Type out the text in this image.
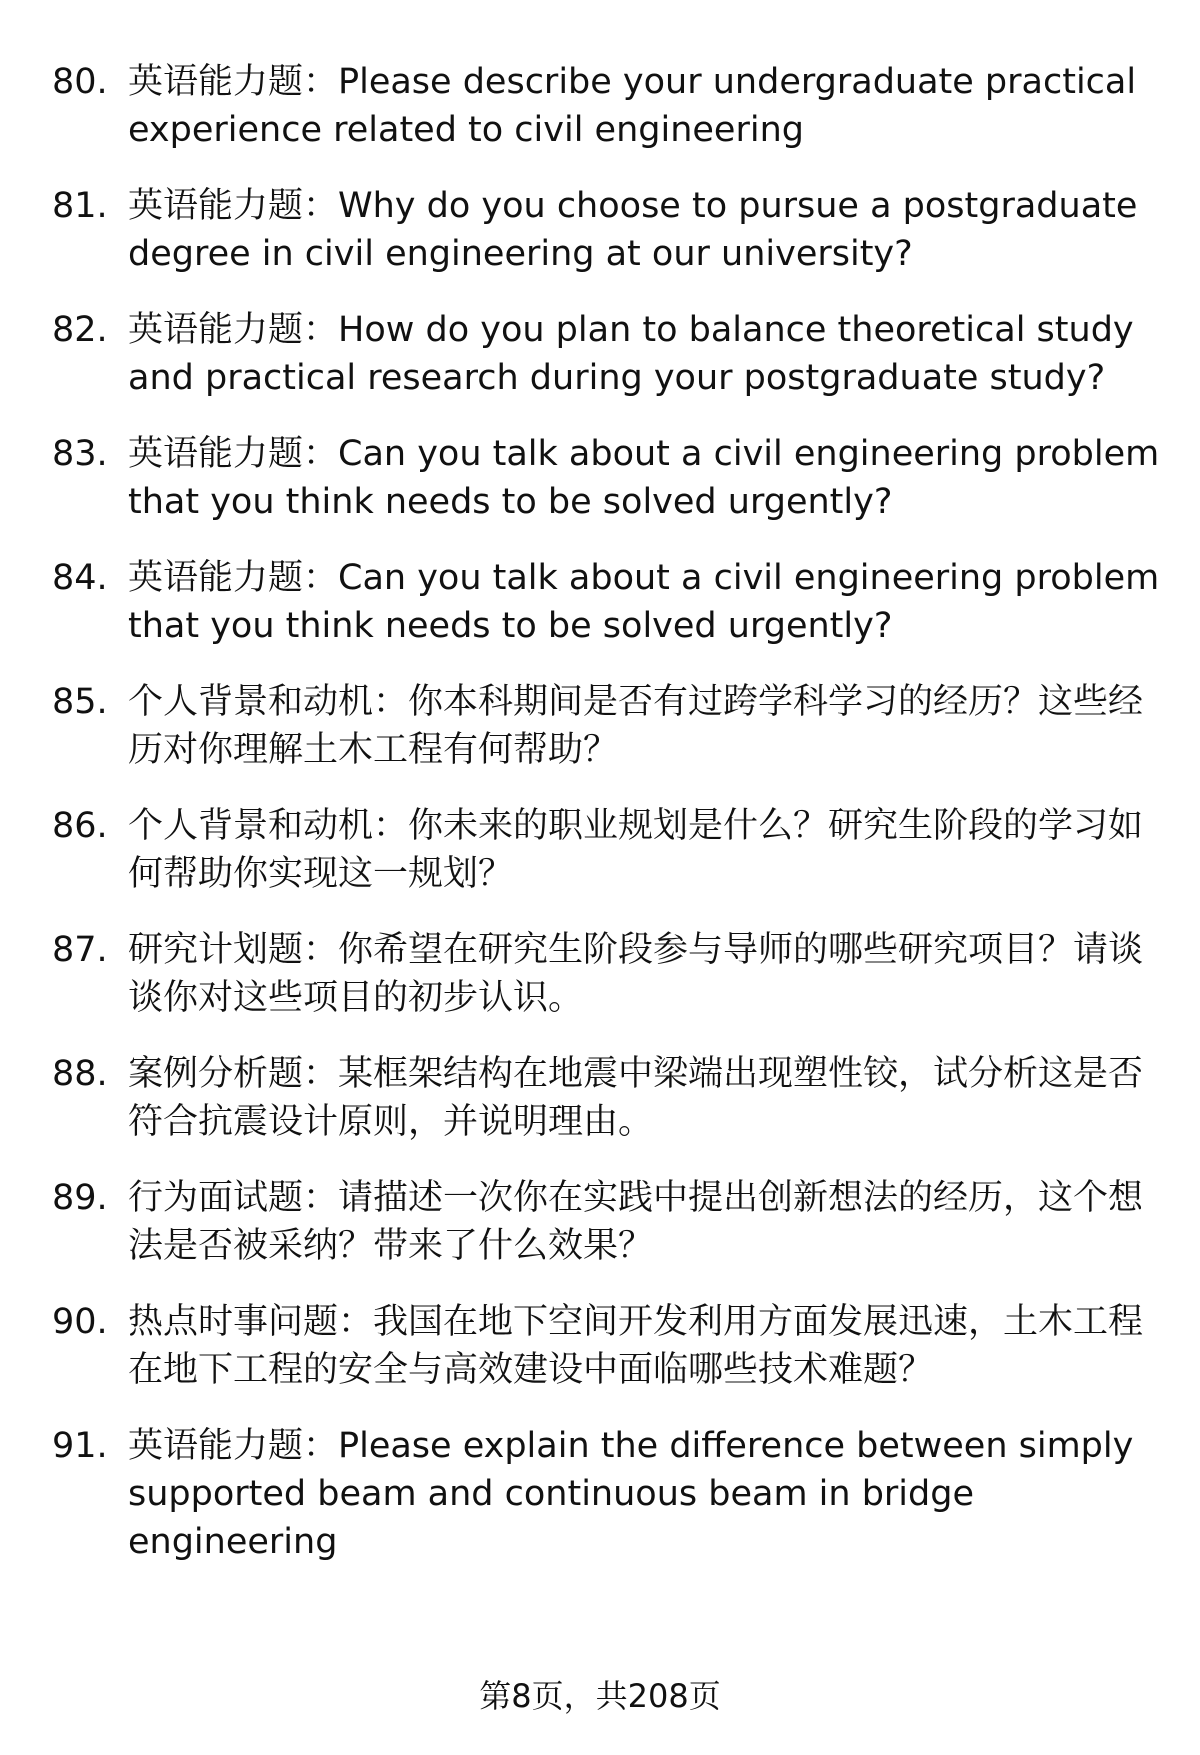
80. 英语能力题：Please describe your undergraduate practical experience related to civil engineering
81. 英语能力题：Why do you choose to pursue a postgraduate degree in civil engineering at our university?
82. 英语能力题：How do you plan to balance theoretical study and practical research during your postgraduate study?
83. 英语能力题：Can you talk about a civil engineering problem that you think needs to be solved urgently?
84. 英语能力题：Can you talk about a civil engineering problem that you think needs to be solved urgently?
85. 个人背景和动机：你本科期间是否有过跨学科学习的经历？这些经历对你理解土木工程有何帮助？
86. 个人背景和动机：你未来的职业规划是什么？研究生阶段的学习如何帮助你实现这一规划？
87. 研究计划题：你希望在研究生阶段参与导师的哪些研究项目？请谈谈你对这些项目的初步认识。
88. 案例分析题：某框架结构在地震中梁端出现塑性铰，试分析这是否符合抗震设计原则，并说明理由。
89. 行为面试题：请描述一次你在实践中提出创新想法的经历，这个想法是否被采纳？带来了什么效果？
90. 热点时事问题：我国在地下空间开发利用方面发展迅速，土木工程在地下工程的安全与高效建设中面临哪些技术难题？
91. 英语能力题：Please explain the difference between simply supported beam and continuous beam in bridge engineering
第8页，共208页
